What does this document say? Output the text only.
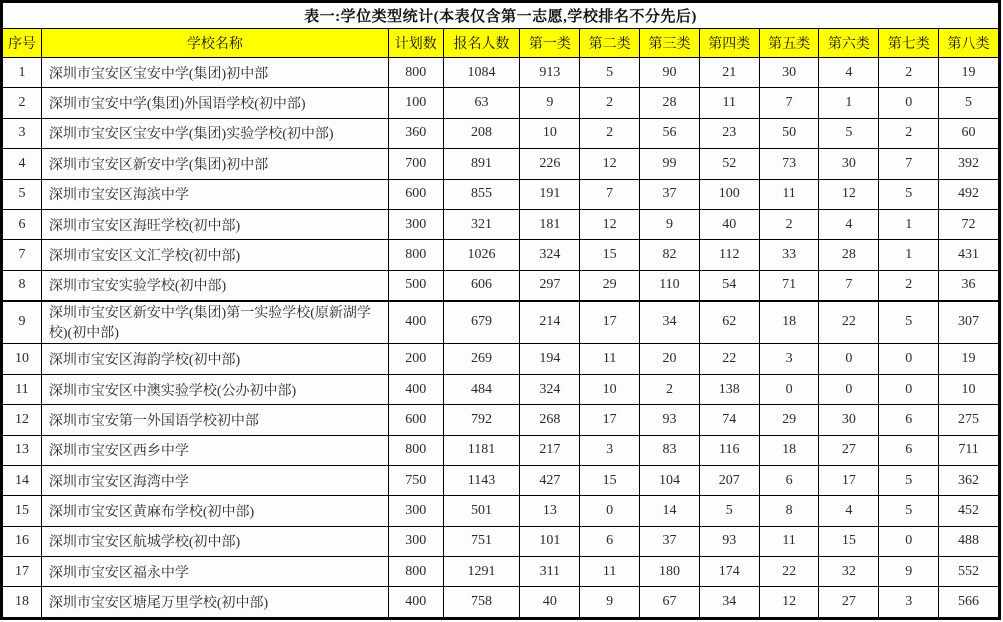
表一:学位类型统计(本表仅含第一志愿,学校排名不分先后)											
序号	学校名称	计划数	报名人数	第一类	第二类	第三类	第四类	第五类	第六类	第七类	第八类
1	深圳市宝安区宝安中学(集团)初中部	800	1084	913	5	90	21	30	4	2	19
2	深圳市宝安中学(集团)外国语学校(初中部)	100	63	9	2	28	11	7	1	0	5
3	深圳市宝安区宝安中学(集团)实验学校(初中部)	360	208	10	2	56	23	50	5	2	60
4	深圳市宝安区新安中学(集团)初中部	700	891	226	12	99	52	73	30	7	392
5	深圳市宝安区海滨中学	600	855	191	7	37	100	11	12	5	492
6	深圳市宝安区海旺学校(初中部)	300	321	181	12	9	40	2	4	1	72
7	深圳市宝安区文汇学校(初中部)	800	1026	324	15	82	112	33	28	1	431
8	深圳市宝安实验学校(初中部)	500	606	297	29	110	54	71	7	2	36
9	深圳市宝安区新安中学(集团)第一实验学校(原新湖学校)(初中部)	400	679	214	17	34	62	18	22	5	307
10	深圳市宝安区海韵学校(初中部)	200	269	194	11	20	22	3	0	0	19
11	深圳市宝安区中澳实验学校(公办初中部)	400	484	324	10	2	138	0	0	0	10
12	深圳市宝安第一外国语学校初中部	600	792	268	17	93	74	29	30	6	275
13	深圳市宝安区西乡中学	800	1181	217	3	83	116	18	27	6	711
14	深圳市宝安区海湾中学	750	1143	427	15	104	207	6	17	5	362
15	深圳市宝安区黄麻布学校(初中部)	300	501	13	0	14	5	8	4	5	452
16	深圳市宝安区航城学校(初中部)	300	751	101	6	37	93	11	15	0	488
17	深圳市宝安区福永中学	800	1291	311	11	180	174	22	32	9	552
18	深圳市宝安区塘尾万里学校(初中部)	400	758	40	9	67	34	12	27	3	566
